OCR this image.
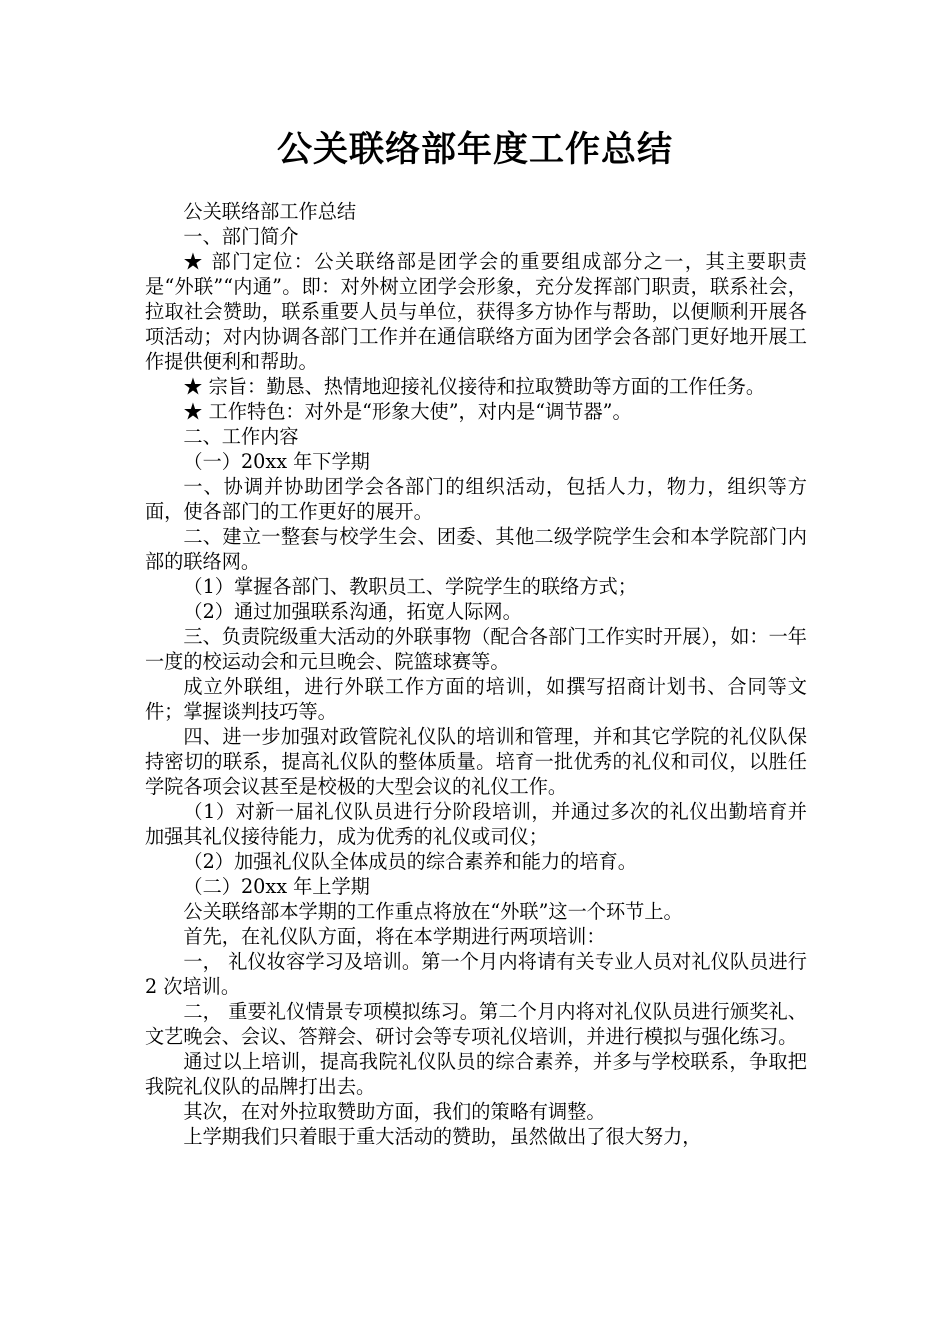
公关联络部年度工作总结

公关联络部工作总结

一、部门简介

★ 部门定位：公关联络部是团学会的重要组成部分之一，其主要职责是“外联”“内通”。即：对外树立团学会形象，充分发挥部门职责，联系社会，拉取社会赞助，联系重要人员与单位，获得多方协作与帮助，以便顺利开展各项活动；对内协调各部门工作并在通信联络方面为团学会各部门更好地开展工作提供便利和帮助。

★ 宗旨：勤恳、热情地迎接礼仪接待和拉取赞助等方面的工作任务。

★ 工作特色：对外是“形象大使”，对内是“调节器”。

二、工作内容

（一）20xx 年下学期

一、协调并协助团学会各部门的组织活动，包括人力，物力，组织等方面，使各部门的工作更好的展开。

二、建立一整套与校学生会、团委、其他二级学院学生会和本学院部门内部的联络网。

（1）掌握各部门、教职员工、学院学生的联络方式；

（2）通过加强联系沟通，拓宽人际网。

三、负责院级重大活动的外联事物（配合各部门工作实时开展），如：一年一度的校运动会和元旦晚会、院篮球赛等。

成立外联组，进行外联工作方面的培训，如撰写招商计划书、合同等文件；掌握谈判技巧等。

四、进一步加强对政管院礼仪队的培训和管理，并和其它学院的礼仪队保持密切的联系，提高礼仪队的整体质量。培育一批优秀的礼仪和司仪，以胜任学院各项会议甚至是校极的大型会议的礼仪工作。

（1）对新一届礼仪队员进行分阶段培训，并通过多次的礼仪出勤培育并加强其礼仪接待能力，成为优秀的礼仪或司仪；

（2）加强礼仪队全体成员的综合素养和能力的培育。

（二）20xx 年上学期

公关联络部本学期的工作重点将放在“外联”这一个环节上。

首先，在礼仪队方面，将在本学期进行两项培训：

一， 礼仪妆容学习及培训。第一个月内将请有关专业人员对礼仪队员进行 2 次培训。

二， 重要礼仪情景专项模拟练习。第二个月内将对礼仪队员进行颁奖礼、文艺晚会、会议、答辩会、研讨会等专项礼仪培训，并进行模拟与强化练习。

通过以上培训，提高我院礼仪队员的综合素养，并多与学校联系，争取把我院礼仪队的品牌打出去。

其次，在对外拉取赞助方面，我们的策略有调整。

上学期我们只着眼于重大活动的赞助，虽然做出了很大努力，
